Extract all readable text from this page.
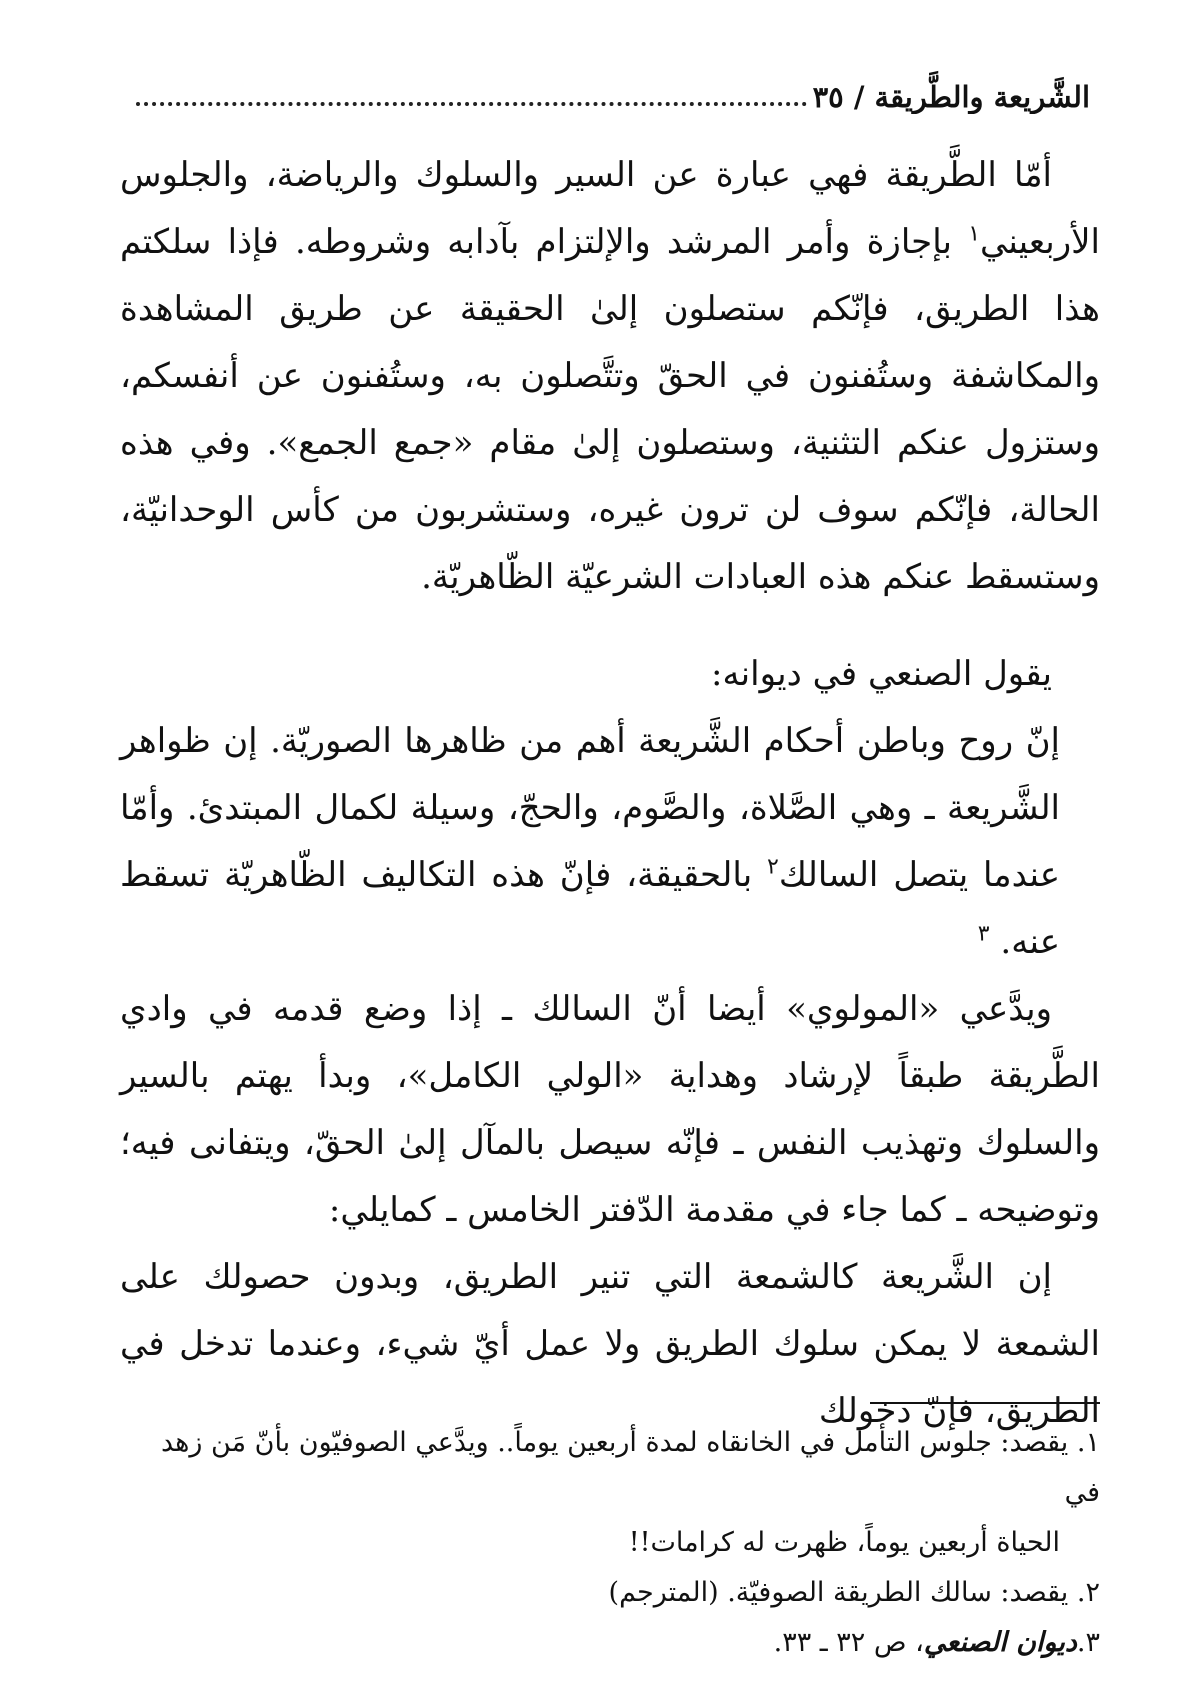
الشَّريعة والطَّريقة / ٣٥

أمّا الطَّريقة فهي عبارة عن السير والسلوك والرياضة، والجلوس الأربعيني$^١$ بإجازة وأمر المرشد والإلتزام بآدابه وشروطه. فإذا سلكتم هذا الطريق، فإنّكم ستصلون إلىٰ الحقيقة عن طريق المشاهدة والمكاشفة وستُفنون في الحقّ وتتَّصلون به، وستُفنون عن أنفسكم، وستزول عنكم التثنية، وستصلون إلىٰ مقام «جمع الجمع». وفي هذه الحالة، فإنّكم سوف لن ترون غيره، وستشربون من كأس الوحدانيّة، وستسقط عنكم هذه العبادات الشرعيّة الظّاهريّة.

يقول الصنعي في ديوانه:

إنّ روح وباطن أحكام الشَّريعة أهم من ظاهرها الصوريّة. إن ظواهر الشَّريعة ـ وهي الصَّلاة، والصَّوم، والحجّ، وسيلة لكمال المبتدئ. وأمّا عندما يتصل السالك$^٢$ بالحقيقة، فإنّ هذه التكاليف الظّاهريّة تسقط عنه. $^٣$

ويدَّعي «المولوي» أيضا أنّ السالك ـ إذا وضع قدمه في وادي الطَّريقة طبقاً لإرشاد وهداية «الولي الكامل»، وبدأ يهتم بالسير والسلوك وتهذيب النفس ـ فإنّه سيصل بالمآل إلىٰ الحقّ، ويتفانى فيه؛ وتوضيحه ـ كما جاء في مقدمة الدّفتر الخامس ـ كمايلي:

إن الشَّريعة كالشمعة التي تنير الطريق، وبدون حصولك على الشمعة لا يمكن سلوك الطريق ولا عمل أيّ شيء، وعندما تدخل في الطريق، فإنّ دخولك

١. يقصد: جلوس التأمل في الخانقاه لمدة أربعين يوماً.. ويدَّعي الصوفيّون بأنّ مَن زهد في

الحياة أربعين يوماً، ظهرت له كرامات!!

٢. يقصد: سالك الطريقة الصوفيّة. (المترجم)

٣.ديوان الصنعي، ص ٣٢ ـ ٣٣.
